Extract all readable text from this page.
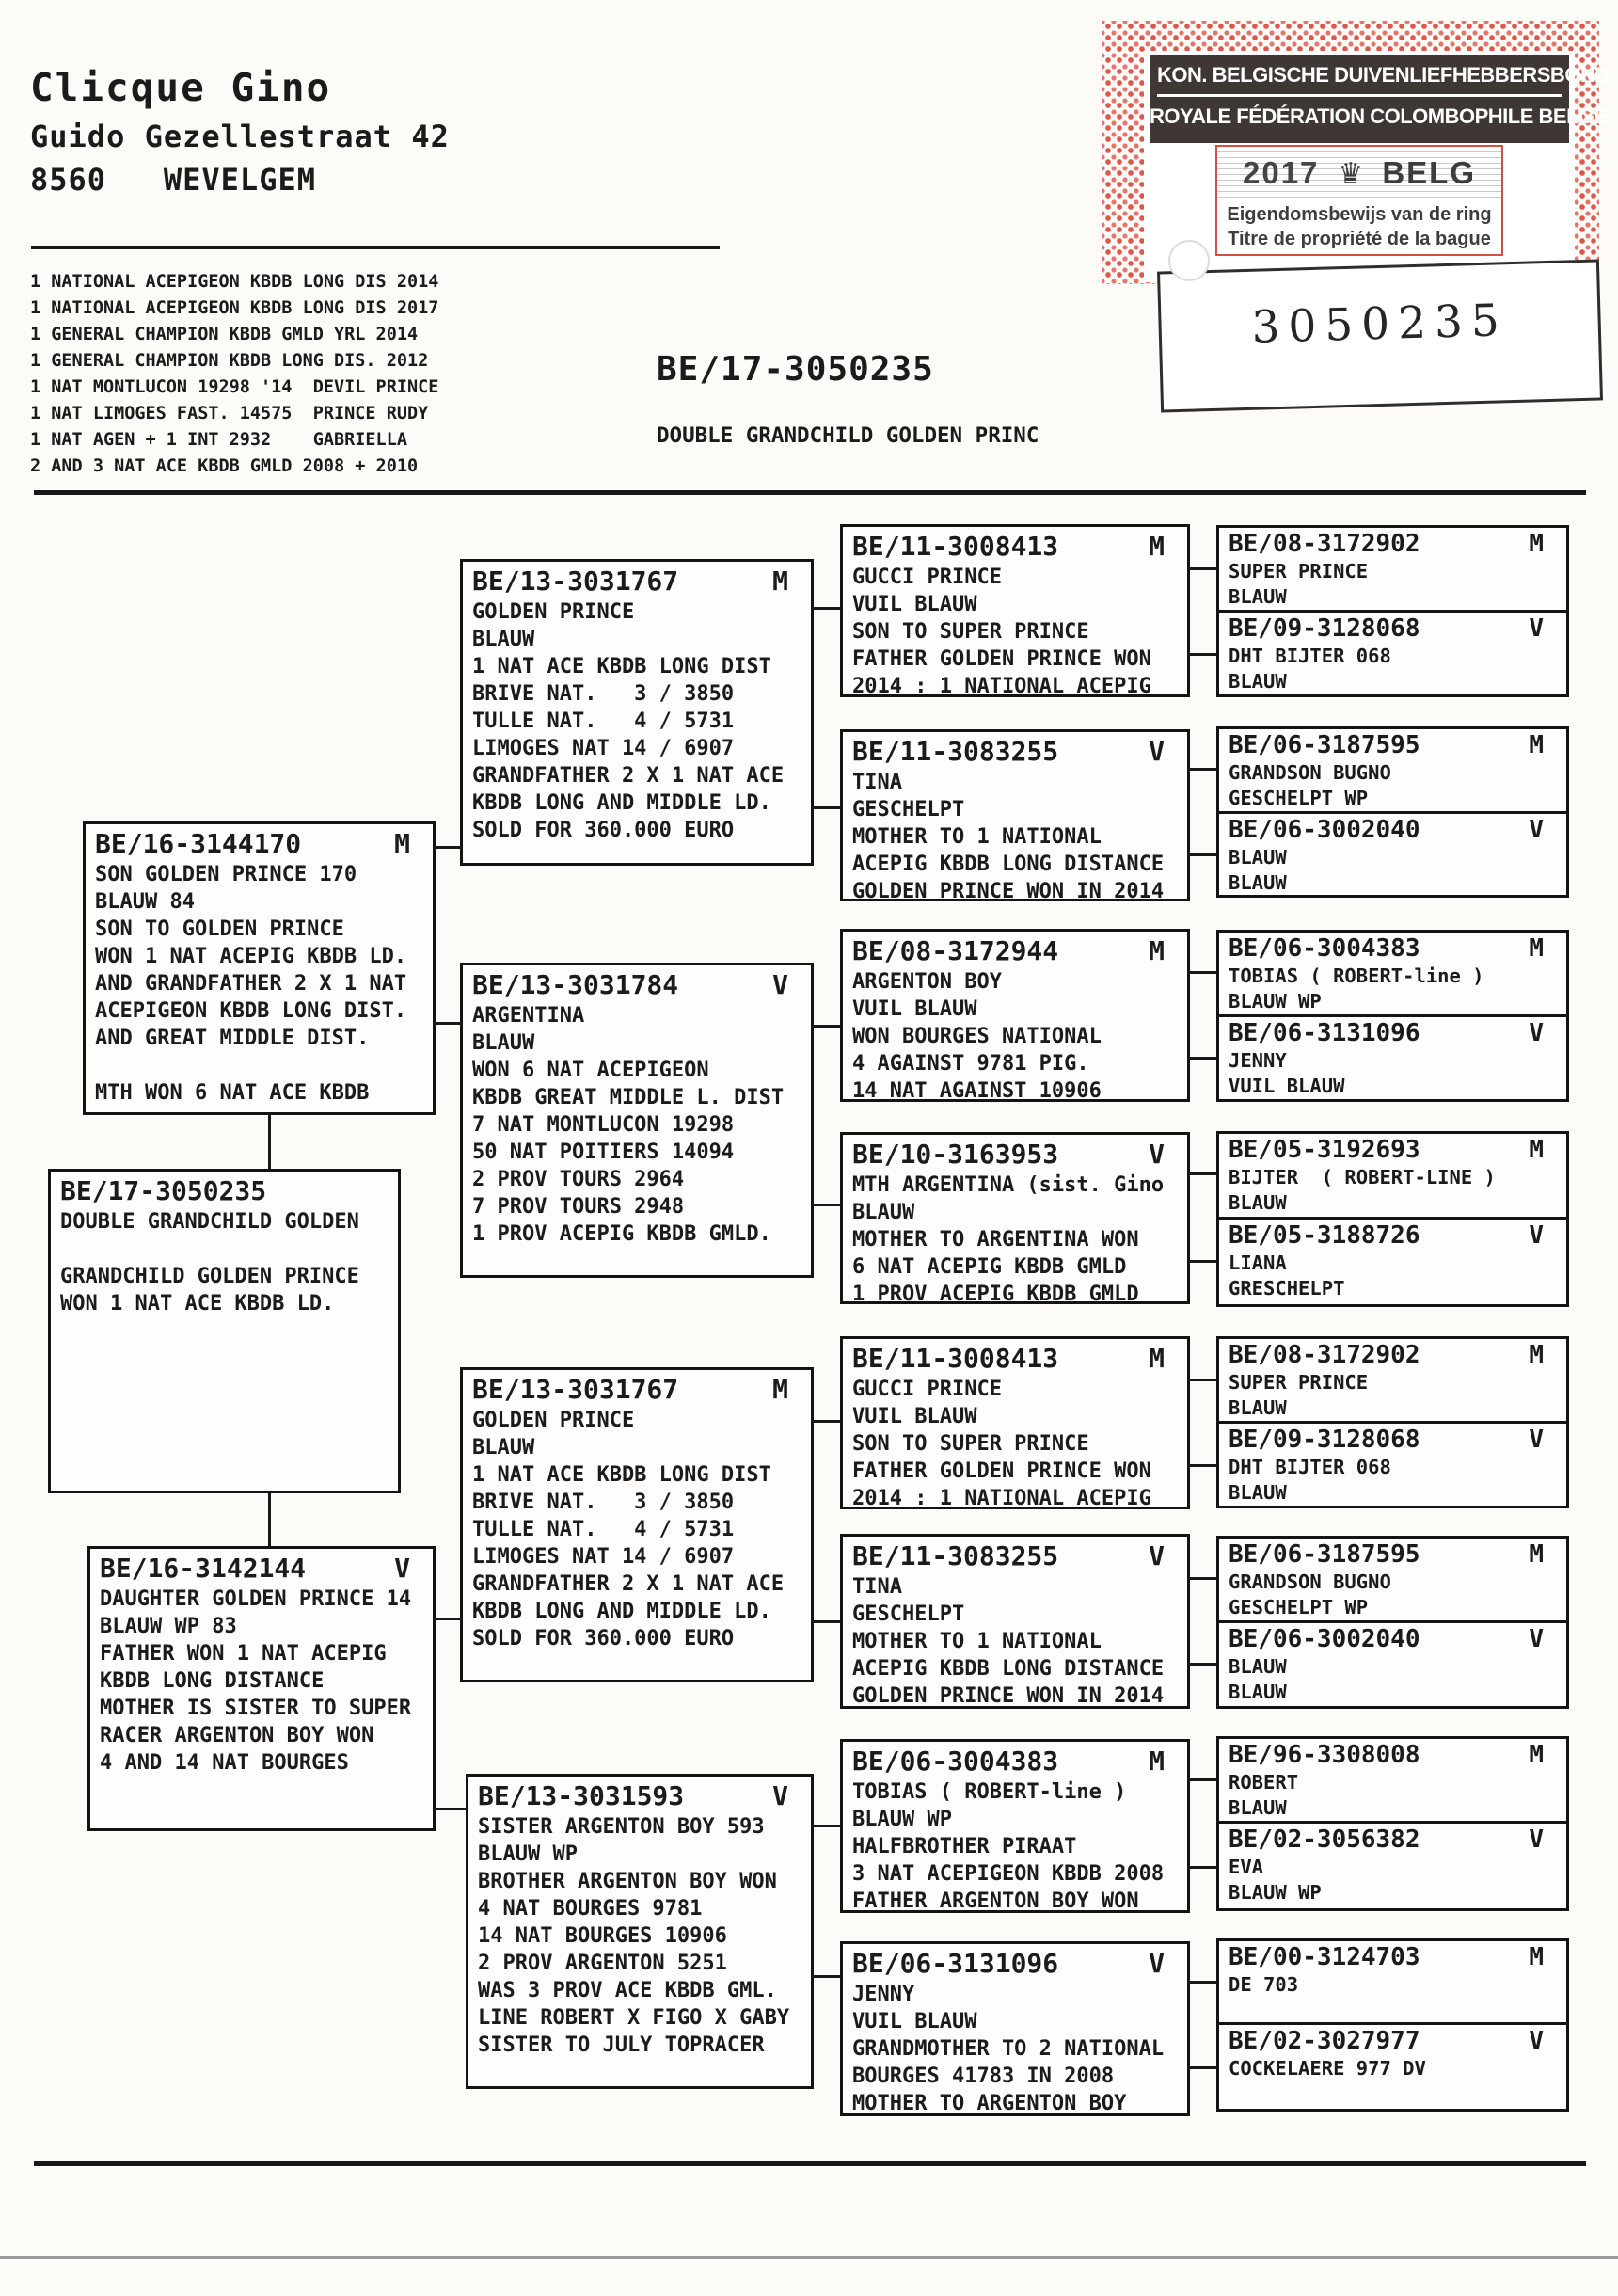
Clicque Gino
Guido Gezellestraat 42
8560   WEVELGEM
1 NATIONAL ACEPIGEON KBDB LONG DIS 2014
1 NATIONAL ACEPIGEON KBDB LONG DIS 2017
1 GENERAL CHAMPION KBDB GMLD YRL 2014
1 GENERAL CHAMPION KBDB LONG DIS. 2012
1 NAT MONTLUCON 19298 '14  DEVIL PRINCE
1 NAT LIMOGES FAST. 14575  PRINCE RUDY
1 NAT AGEN + 1 INT 2932    GABRIELLA
2 AND 3 NAT ACE KBDB GMLD 2008 + 2010
BE/17-3050235
DOUBLE GRANDCHILD GOLDEN PRINC
KON. BELGISCHE DUIVENLIEFHEBBERSBOND
ROYALE FÉDÉRATION COLOMBOPHILE BELGE
2017 ♛ BELG
Eigendomsbewijs van de ring
Titre de propriété de la bague
3050235
BE/16-3144170	M
SON GOLDEN PRINCE 170
BLAUW 84
SON TO GOLDEN PRINCE
WON 1 NAT ACEPIG KBDB LD.
AND GRANDFATHER 2 X 1 NAT
ACEPIGEON KBDB LONG DIST.
AND GREAT MIDDLE DIST.
MTH WON 6 NAT ACE KBDB
BE/17-3050235
DOUBLE GRANDCHILD GOLDEN
GRANDCHILD GOLDEN PRINCE
WON 1 NAT ACE KBDB LD.
BE/16-3142144	V
DAUGHTER GOLDEN PRINCE 14
BLAUW WP 83
FATHER WON 1 NAT ACEPIG
KBDB LONG DISTANCE
MOTHER IS SISTER TO SUPER
RACER ARGENTON BOY WON
4 AND 14 NAT BOURGES
BE/13-3031767	M
GOLDEN PRINCE
BLAUW
1 NAT ACE KBDB LONG DIST
BRIVE NAT.   3 / 3850
TULLE NAT.   4 / 5731
LIMOGES NAT 14 / 6907
GRANDFATHER 2 X 1 NAT ACE
KBDB LONG AND MIDDLE LD.
SOLD FOR 360.000 EURO
BE/13-3031784	V
ARGENTINA
BLAUW
WON 6 NAT ACEPIGEON
KBDB GREAT MIDDLE L. DIST
7 NAT MONTLUCON 19298
50 NAT POITIERS 14094
2 PROV TOURS 2964
7 PROV TOURS 2948
1 PROV ACEPIG KBDB GMLD.
BE/13-3031767	M
GOLDEN PRINCE
BLAUW
1 NAT ACE KBDB LONG DIST
BRIVE NAT.   3 / 3850
TULLE NAT.   4 / 5731
LIMOGES NAT 14 / 6907
GRANDFATHER 2 X 1 NAT ACE
KBDB LONG AND MIDDLE LD.
SOLD FOR 360.000 EURO
BE/13-3031593	V
SISTER ARGENTON BOY 593
BLAUW WP
BROTHER ARGENTON BOY WON
4 NAT BOURGES 9781
14 NAT BOURGES 10906
2 PROV ARGENTON 5251
WAS 3 PROV ACE KBDB GML.
LINE ROBERT X FIGO X GABY
SISTER TO JULY TOPRACER
BE/11-3008413	M
GUCCI PRINCE
VUIL BLAUW
SON TO SUPER PRINCE
FATHER GOLDEN PRINCE WON
2014 : 1 NATIONAL ACEPIG
BE/11-3083255	V
TINA
GESCHELPT
MOTHER TO 1 NATIONAL
ACEPIG KBDB LONG DISTANCE
GOLDEN PRINCE WON IN 2014
BE/08-3172944	M
ARGENTON BOY
VUIL BLAUW
WON BOURGES NATIONAL
4 AGAINST 9781 PIG.
14 NAT AGAINST 10906
BE/10-3163953	V
MTH ARGENTINA (sist. Gino
BLAUW
MOTHER TO ARGENTINA WON
6 NAT ACEPIG KBDB GMLD
1 PROV ACEPIG KBDB GMLD
BE/11-3008413	M
GUCCI PRINCE
VUIL BLAUW
SON TO SUPER PRINCE
FATHER GOLDEN PRINCE WON
2014 : 1 NATIONAL ACEPIG
BE/11-3083255	V
TINA
GESCHELPT
MOTHER TO 1 NATIONAL
ACEPIG KBDB LONG DISTANCE
GOLDEN PRINCE WON IN 2014
BE/06-3004383	M
TOBIAS ( ROBERT-line )
BLAUW WP
HALFBROTHER PIRAAT
3 NAT ACEPIGEON KBDB 2008
FATHER ARGENTON BOY WON
BE/06-3131096	V
JENNY
VUIL BLAUW
GRANDMOTHER TO 2 NATIONAL
BOURGES 41783 IN 2008
MOTHER TO ARGENTON BOY
BE/08-3172902	M
SUPER PRINCE
BLAUW
BE/09-3128068	V
DHT BIJTER 068
BLAUW
BE/06-3187595	M
GRANDSON BUGNO
GESCHELPT WP
BE/06-3002040	V
BLAUW
BLAUW
BE/06-3004383	M
TOBIAS ( ROBERT-line )
BLAUW WP
BE/06-3131096	V
JENNY
VUIL BLAUW
BE/05-3192693	M
BIJTER  ( ROBERT-LINE )
BLAUW
BE/05-3188726	V
LIANA
GRESCHELPT
BE/08-3172902	M
SUPER PRINCE
BLAUW
BE/09-3128068	V
DHT BIJTER 068
BLAUW
BE/06-3187595	M
GRANDSON BUGNO
GESCHELPT WP
BE/06-3002040	V
BLAUW
BLAUW
BE/96-3308008	M
ROBERT
BLAUW
BE/02-3056382	V
EVA
BLAUW WP
BE/00-3124703	M
DE 703
BE/02-3027977	V
COCKELAERE 977 DV
